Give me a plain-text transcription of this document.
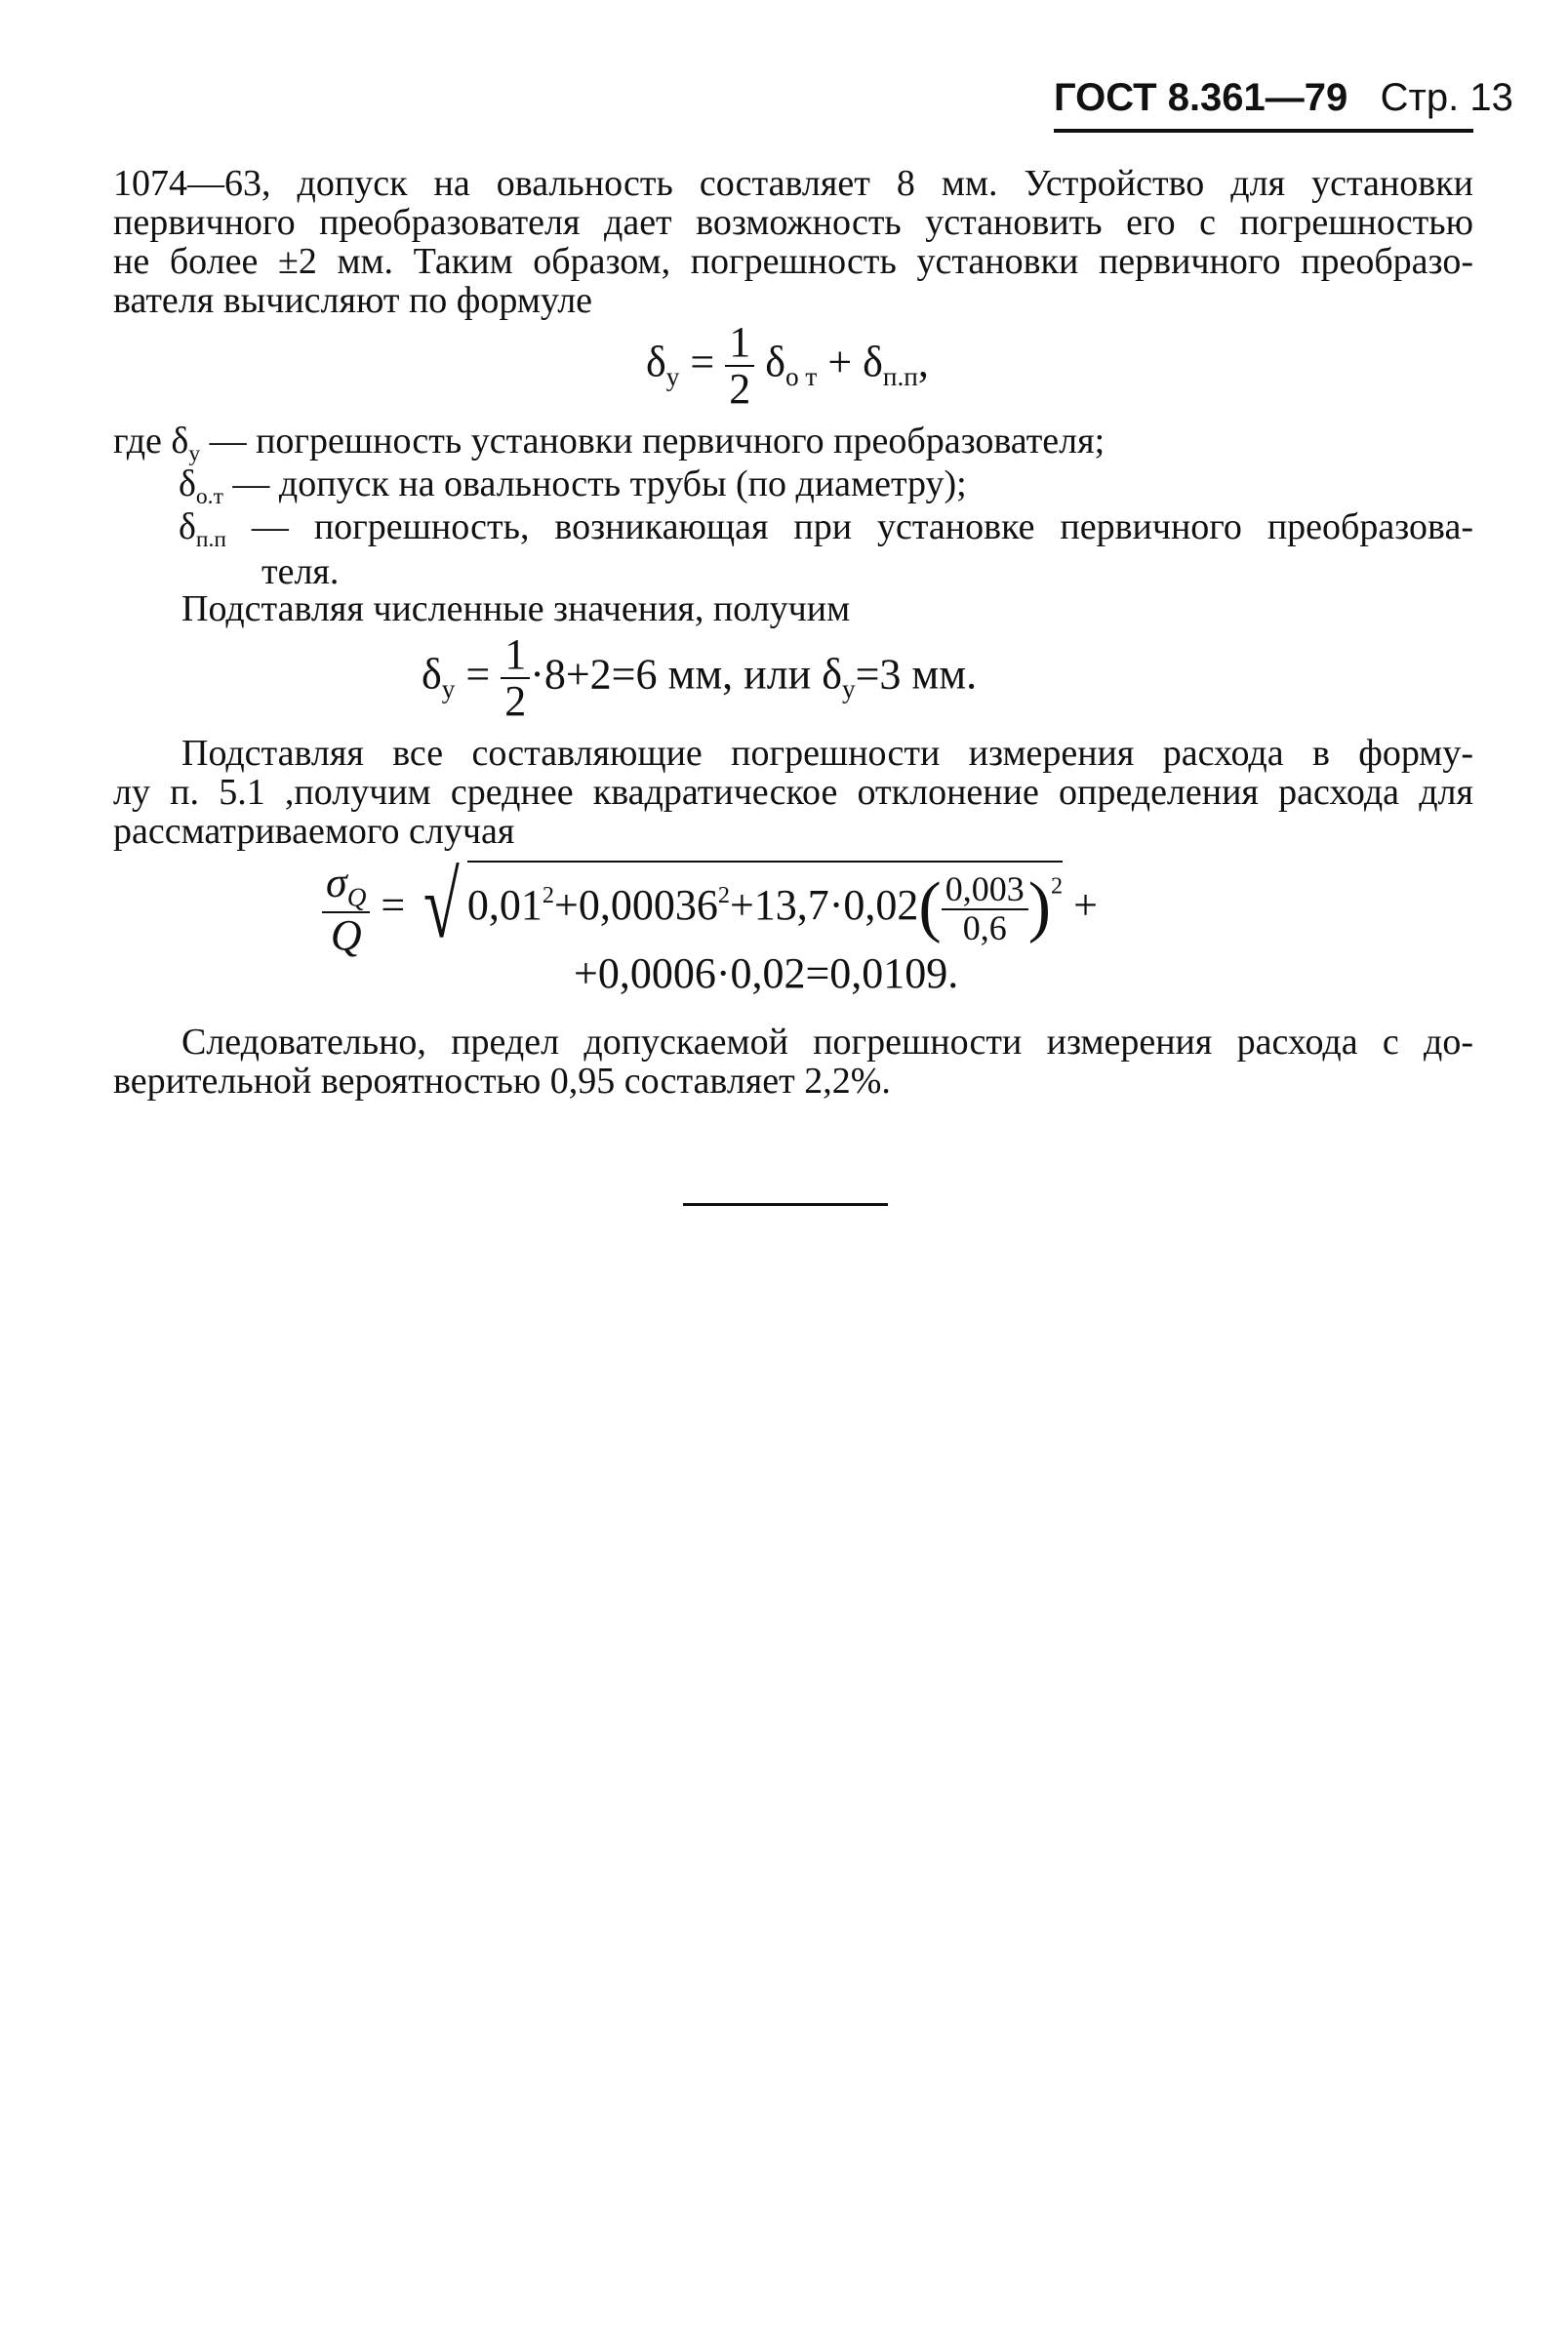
ГОСТ 8.361—79 Стр. 13
1074—63, допуск на овальность составляет 8 мм. Устройство для установки
первичного преобразователя дает возможность установить его с погрешностью
не более ±2 мм. Таким образом, погрешность установки первичного преобразо-
вателя вычисляют по формуле
$\delta_у = \frac{1}{2} \delta_{о т} + \delta_{п.п}$,
где $\delta_у$ — погрешность установки первичного преобразователя;
$\delta_{о.т}$ — допуск на овальность трубы (по диаметру);
$\delta_{п.п}$ — погрешность, возникающая при установке первичного преобразова-
теля.
Подставляя численные значения, получим
$\delta_у = \frac{1}{2} \cdot 8+2=6$ мм, или $\delta_у=3$ мм.
Подставляя все составляющие погрешности измерения расхода в форму-
лу п. 5.1 ,получим среднее квадратическое отклонение определения расхода для
рассматриваемого случая
$\frac{\sigma_Q}{Q}$ = √ $0,01^2+0,00036^2+13,7\cdot 0,02( \frac{0,003}{0,6} )^2$ +
+0,0006·0,02=0,0109.
Следовательно, предел допускаемой погрешности измерения расхода с до-
верительной вероятностью 0,95 составляет 2,2%.
